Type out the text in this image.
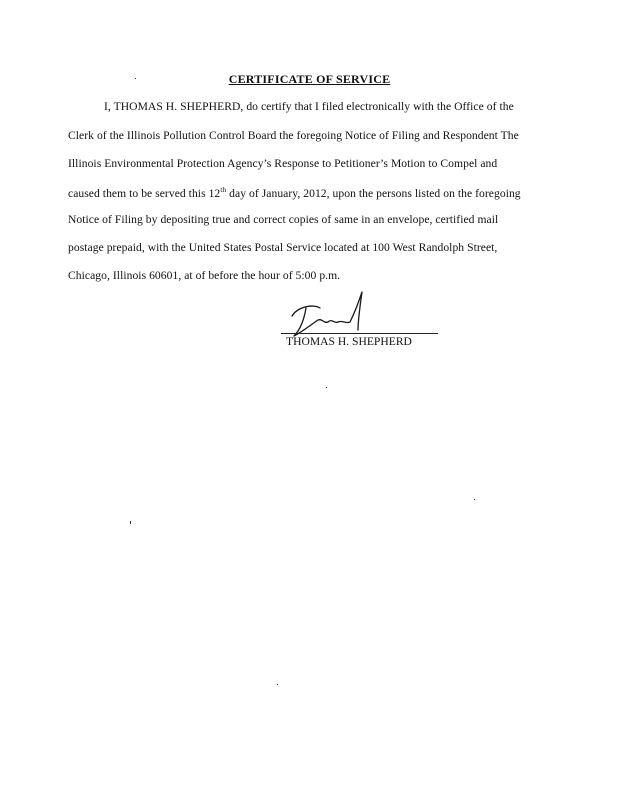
CERTIFICATE OF SERVICE
I, THOMAS H. SHEPHERD, do certify that I filed electronically with the Office of the
Clerk of the Illinois Pollution Control Board the foregoing Notice of Filing and Respondent The
Illinois Environmental Protection Agency’s Response to Petitioner’s Motion to Compel and
caused them to be served this 12th day of January, 2012, upon the persons listed on the foregoing
Notice of Filing by depositing true and correct copies of same in an envelope, certified mail
postage prepaid, with the United States Postal Service located at 100 West Randolph Street,
Chicago, Illinois 60601, at of before the hour of 5:00 p.m.
THOMAS H. SHEPHERD
